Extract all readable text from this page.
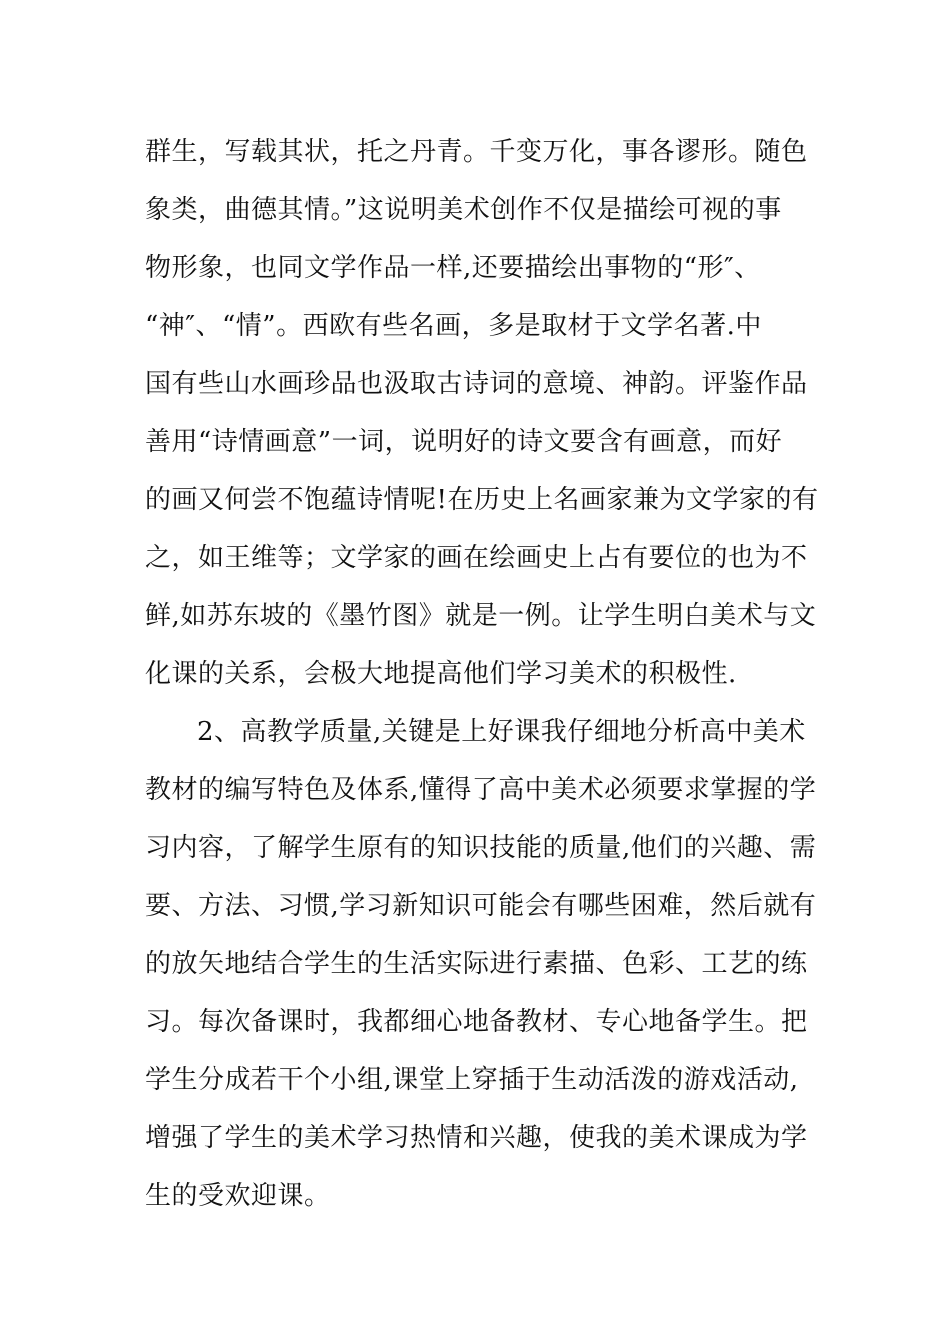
群生，写载其状，托之丹青。千变万化，事各谬形。随色
象类，曲德其情。”这说明美术创作不仅是描绘可视的事
物形象，也同文学作品一样,还要描绘出事物的“形″、
“神″、“情”。西欧有些名画，多是取材于文学名著.中
国有些山水画珍品也汲取古诗词的意境、神韵。评鉴作品
善用“诗情画意”一词，说明好的诗文要含有画意，而好
的画又何尝不饱蕴诗情呢!在历史上名画家兼为文学家的有
之，如王维等；文学家的画在绘画史上占有要位的也为不
鲜,如苏东坡的《墨竹图》就是一例。让学生明白美术与文
化课的关系，会极大地提高他们学习美术的积极性.
2、高教学质量,关键是上好课我仔细地分析高中美术
教材的编写特色及体系,懂得了高中美术必须要求掌握的学
习内容，了解学生原有的知识技能的质量,他们的兴趣、需
要、方法、习惯,学习新知识可能会有哪些困难，然后就有
的放矢地结合学生的生活实际进行素描、色彩、工艺的练
习。每次备课时，我都细心地备教材、专心地备学生。把
学生分成若干个小组,课堂上穿插于生动活泼的游戏活动,
增强了学生的美术学习热情和兴趣，使我的美术课成为学
生的受欢迎课。
